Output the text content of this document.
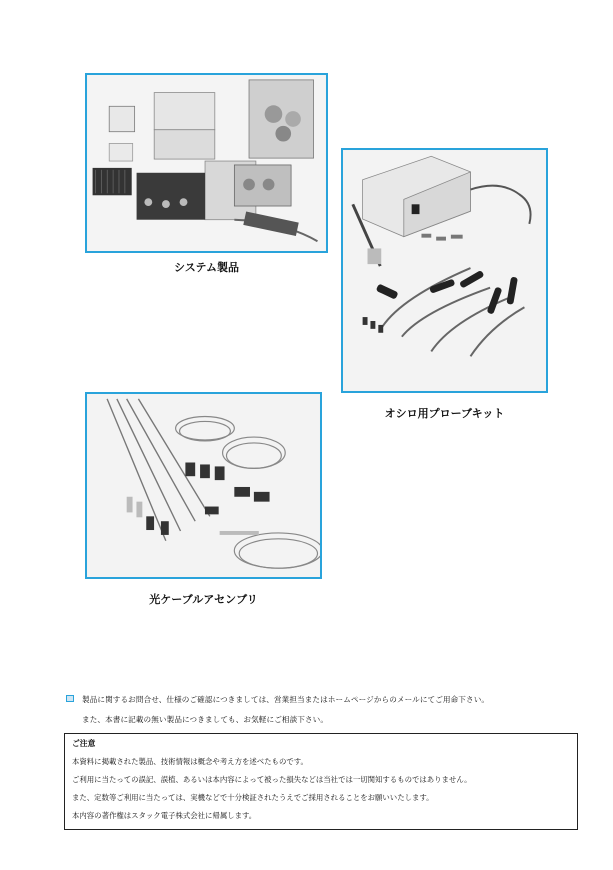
システム製品
オシロ用プローブキット
光ケーブルアセンブリ
製品に関するお問合せ、仕様のご確認につきましては、営業担当またはホームページからのメールにてご用命下さい。
また、本書に記載の無い製品につきましても、お気軽にご相談下さい。
ご注意
本資料に掲載された製品、技術情報は概念や考え方を述べたものです。
ご利用に当たっての誤記、誤植、あるいは本内容によって被った損失などは当社では一切関知するものではありません。
また、定数等ご利用に当たっては、実機などで十分検証されたうえでご採用されることをお願いいたします。
本内容の著作権はスタック電子株式会社に帰属します。
